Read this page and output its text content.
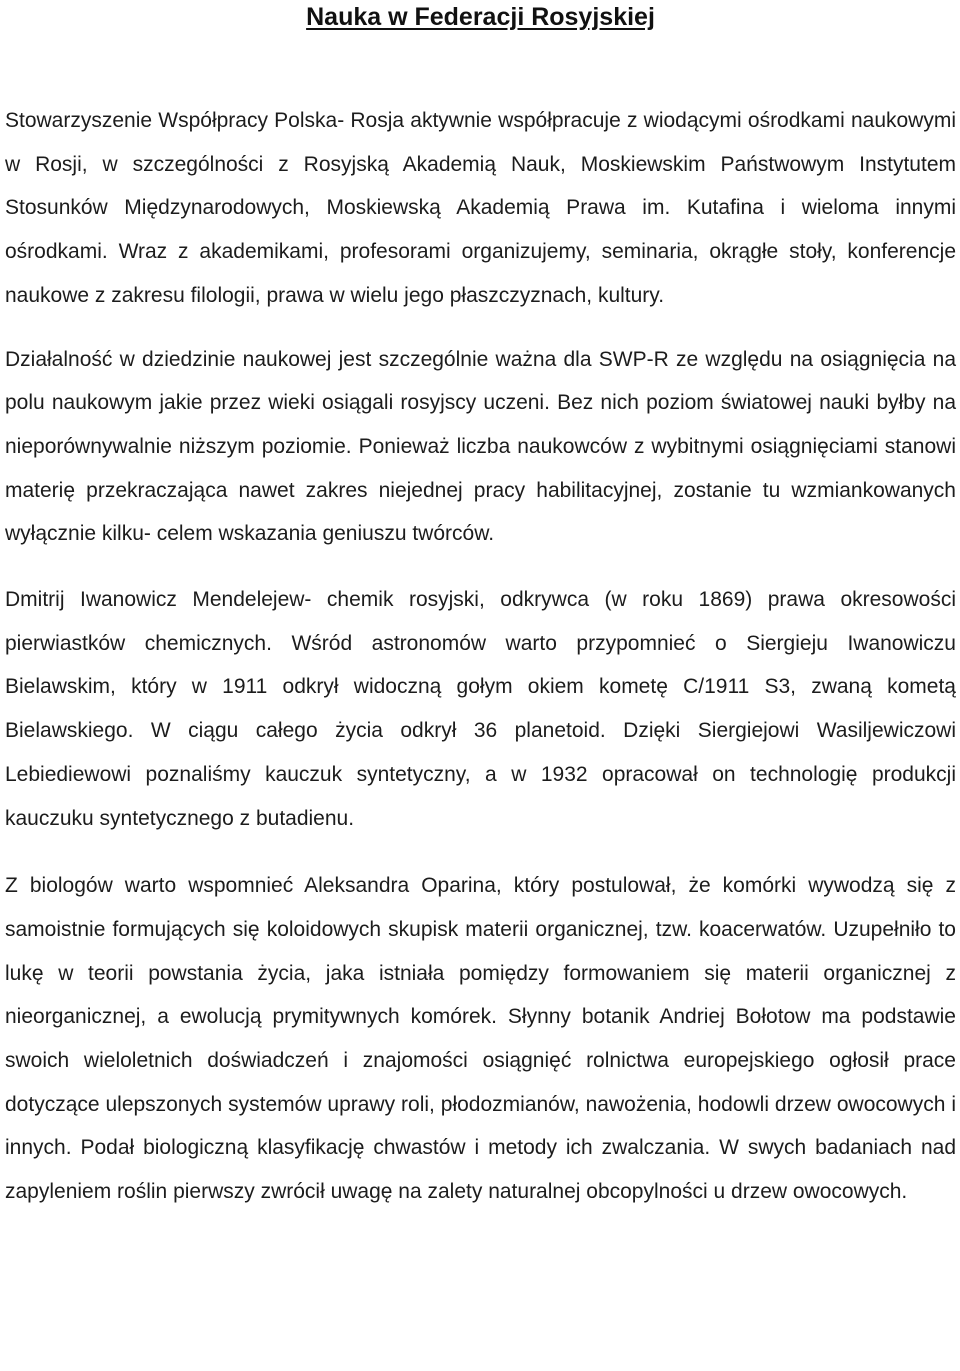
Nauka w Federacji Rosyjskiej

Stowarzyszenie Współpracy Polska- Rosja aktywnie współpracuje z wiodącymi ośrodkami naukowymi w Rosji, w szczególności z Rosyjską Akademią Nauk, Moskiewskim Państwowym Instytutem Stosunków Międzynarodowych, Moskiewską Akademią Prawa im. Kutafina i wieloma innymi ośrodkami. Wraz z akademikami, profesorami organizujemy, seminaria, okrągłe stoły, konferencje naukowe z zakresu filologii, prawa w wielu jego płaszczyznach, kultury.

Działalność w dziedzinie naukowej jest szczególnie ważna dla SWP-R ze względu na osiągnięcia na polu naukowym jakie przez wieki osiągali rosyjscy uczeni. Bez nich poziom światowej nauki byłby na nieporównywalnie niższym poziomie. Ponieważ liczba naukowców z wybitnymi osiągnięciami stanowi materię przekraczająca nawet zakres niejednej pracy habilitacyjnej, zostanie tu wzmiankowanych wyłącznie kilku- celem wskazania geniuszu twórców.

Dmitrij Iwanowicz Mendelejew- chemik rosyjski, odkrywca (w roku 1869) prawa okresowości pierwiastków chemicznych. Wśród astronomów warto przypomnieć o Siergieju Iwanowiczu Bielawskim, który w 1911 odkrył widoczną gołym okiem kometę C/1911 S3, zwaną kometą Bielawskiego. W ciągu całego życia odkrył 36 planetoid. Dzięki Siergiejowi Wasiljewiczowi Lebiediewowi poznaliśmy kauczuk syntetyczny, a w 1932 opracował on technologię produkcji kauczuku syntetycznego z butadienu.

Z biologów warto wspomnieć Aleksandra Oparina, który postulował, że komórki wywodzą się z samoistnie formujących się koloidowych skupisk materii organicznej, tzw. koacerwatów. Uzupełniło to lukę w teorii powstania życia, jaka istniała pomiędzy formowaniem się materii organicznej z nieorganicznej, a ewolucją prymitywnych komórek. Słynny botanik Andriej Bołotow ma podstawie swoich wieloletnich doświadczeń i znajomości osiągnięć rolnictwa europejskiego ogłosił prace dotyczące ulepszonych systemów uprawy roli, płodozmianów, nawożenia, hodowli drzew owocowych i innych. Podał biologiczną klasyfikację chwastów i metody ich zwalczania. W swych badaniach nad zapyleniem roślin pierwszy zwrócił uwagę na zalety naturalnej obcopylności u drzew owocowych.
